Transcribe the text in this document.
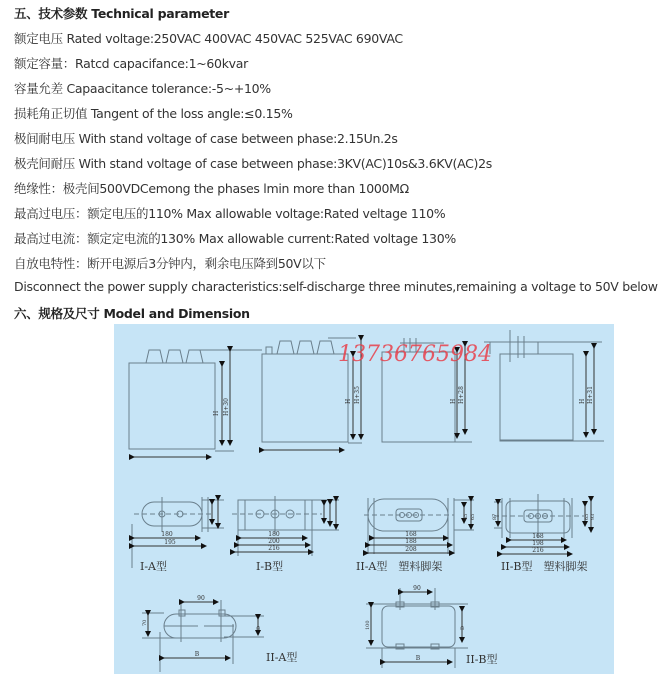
五、技术参数 Technical parameter
额定电压 Rated voltage:250VAC 400VAC 450VAC 525VAC 690VAC
额定容量：Ratcd capacifance:1~60kvar
容量允差 Capaacitance tolerance:-5~+10%
损耗角正切值 Tangent of the loss angle:≤0.15%
极间耐电压 With stand voltage of case between phase:2.15Un.2s
极壳间耐压 With stand voltage of case between phase:3KV(AC)10s&3.6KV(AC)2s
绝缘性：极壳间500VDCemong the phases lmin more than 1000MΩ
最高过电压：额定电压的110% Max allowable voltage:Rated veltage 110%
最高过电流：额定定电流的130% Max allowable current:Rated voltage 130%
自放电特性：断开电源后3分钟内，剩余电压降到50V以下
Disconnect the power supply characteristics:self-discharge three minutes,remaining a voltage to 50V below
六、规格及尺寸 Model and Dimension
H H+30	H H+35	H H+28	H H+31
180
195
180
200
216
168
188
208
168
198
216
90
90
B
B
45 65	87	65 93
70	100
D	D
I-A型	I-B型	II-A型　塑料脚架	II-B型　塑料脚架
II-A型	II-B型
13736765984
